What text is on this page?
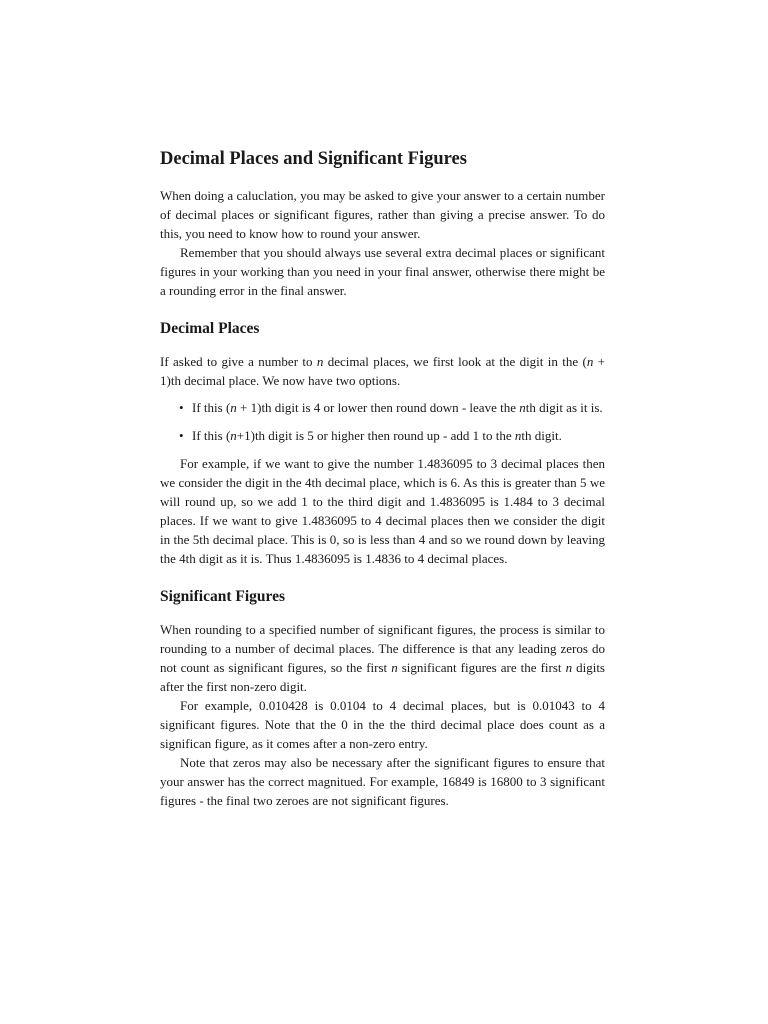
Decimal Places and Significant Figures

When doing a caluclation, you may be asked to give your answer to a certain number of decimal places or significant figures, rather than giving a precise answer. To do this, you need to know how to round your answer.

Remember that you should always use several extra decimal places or significant figures in your working than you need in your final answer, otherwise there might be a rounding error in the final answer.

Decimal Places

If asked to give a number to n decimal places, we first look at the digit in the (n + 1)th decimal place. We now have two options.

• If this (n + 1)th digit is 4 or lower then round down - leave the nth digit as it is.
• If this (n+1)th digit is 5 or higher then round up - add 1 to the nth digit.

For example, if we want to give the number 1.4836095 to 3 decimal places then we consider the digit in the 4th decimal place, which is 6. As this is greater than 5 we will round up, so we add 1 to the third digit and 1.4836095 is 1.484 to 3 decimal places. If we want to give 1.4836095 to 4 decimal places then we consider the digit in the 5th decimal place. This is 0, so is less than 4 and so we round down by leaving the 4th digit as it is. Thus 1.4836095 is 1.4836 to 4 decimal places.

Significant Figures

When rounding to a specified number of significant figures, the process is similar to rounding to a number of decimal places. The difference is that any leading zeros do not count as significant figures, so the first n significant figures are the first n digits after the first non-zero digit.

For example, 0.010428 is 0.0104 to 4 decimal places, but is 0.01043 to 4 significant figures. Note that the 0 in the the third decimal place does count as a significan figure, as it comes after a non-zero entry.

Note that zeros may also be necessary after the significant figures to ensure that your answer has the correct magnitued. For example, 16849 is 16800 to 3 significant figures - the final two zeroes are not significant figures.
